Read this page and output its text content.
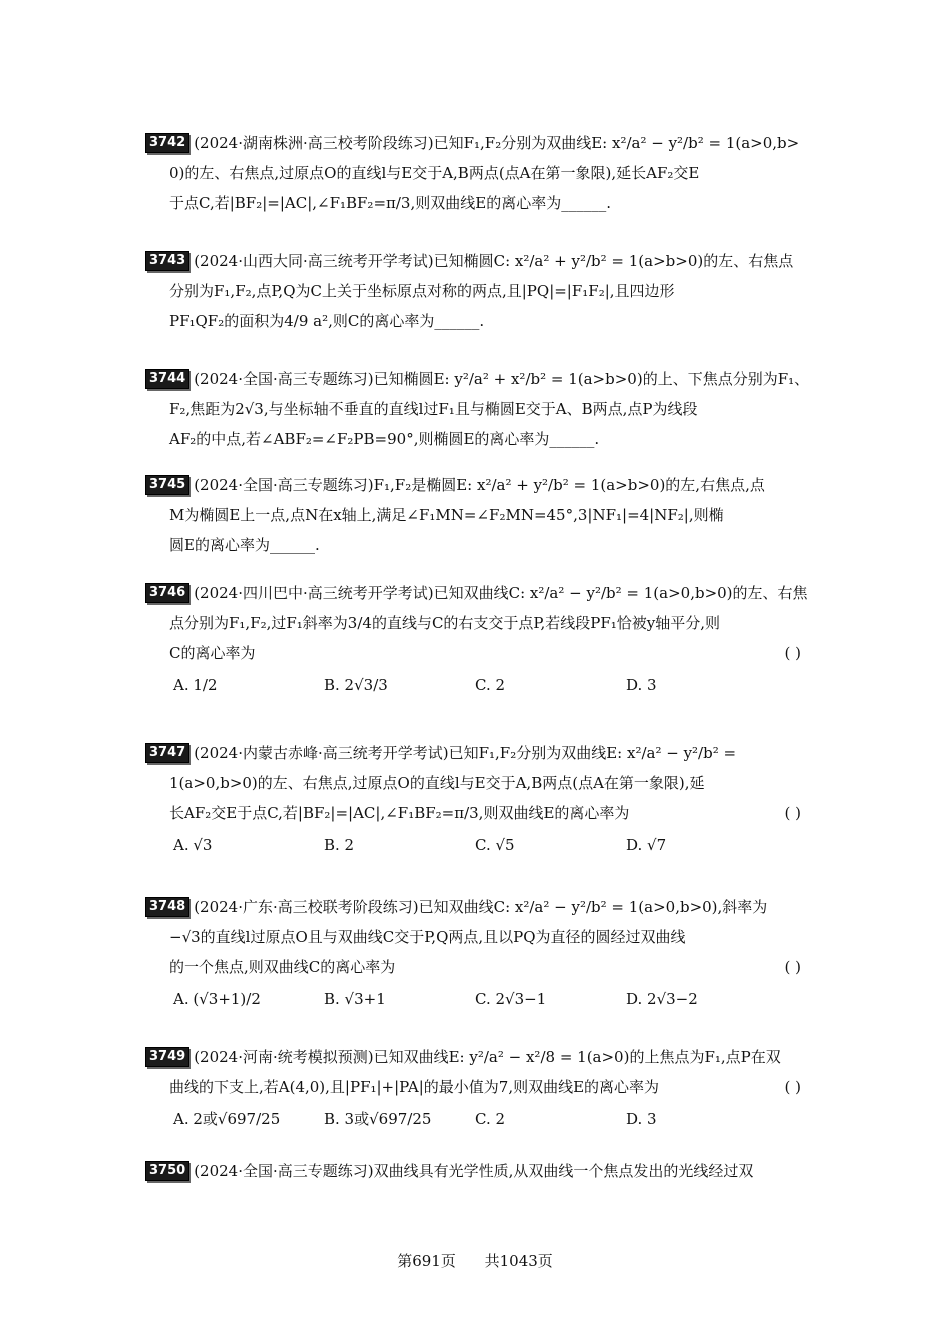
3742 (2024·湖南株洲·高三校考阶段练习)已知F₁,F₂分别为双曲线E: x²/a² − y²/b² = 1(a>0,b>
0)的左、右焦点,过原点O的直线l与E交于A,B两点(点A在第一象限),延长AF₂交E
于点C,若|BF₂|=|AC|,∠F₁BF₂=π/3,则双曲线E的离心率为______.
3743 (2024·山西大同·高三统考开学考试)已知椭圆C: x²/a² + y²/b² = 1(a>b>0)的左、右焦点
分别为F₁,F₂,点P,Q为C上关于坐标原点对称的两点,且|PQ|=|F₁F₂|,且四边形
PF₁QF₂的面积为4/9 a²,则C的离心率为______.
3744 (2024·全国·高三专题练习)已知椭圆E: y²/a² + x²/b² = 1(a>b>0)的上、下焦点分别为F₁、
F₂,焦距为2√3,与坐标轴不垂直的直线l过F₁且与椭圆E交于A、B两点,点P为线段
AF₂的中点,若∠ABF₂=∠F₂PB=90°,则椭圆E的离心率为______.
3745 (2024·全国·高三专题练习)F₁,F₂是椭圆E: x²/a² + y²/b² = 1(a>b>0)的左,右焦点,点
M为椭圆E上一点,点N在x轴上,满足∠F₁MN=∠F₂MN=45°,3|NF₁|=4|NF₂|,则椭
圆E的离心率为______.
3746 (2024·四川巴中·高三统考开学考试)已知双曲线C: x²/a² − y²/b² = 1(a>0,b>0)的左、右焦
点分别为F₁,F₂,过F₁斜率为3/4的直线与C的右支交于点P,若线段PF₁恰被y轴平分,则
C的离心率为	( )
A. 1/2	B. 2√3/3	C. 2	D. 3
3747 (2024·内蒙古赤峰·高三统考开学考试)已知F₁,F₂分别为双曲线E: x²/a² − y²/b² =
1(a>0,b>0)的左、右焦点,过原点O的直线l与E交于A,B两点(点A在第一象限),延
长AF₂交E于点C,若|BF₂|=|AC|,∠F₁BF₂=π/3,则双曲线E的离心率为	( )
A. √3	B. 2	C. √5	D. √7
3748 (2024·广东·高三校联考阶段练习)已知双曲线C: x²/a² − y²/b² = 1(a>0,b>0),斜率为
−√3的直线l过原点O且与双曲线C交于P,Q两点,且以PQ为直径的圆经过双曲线
的一个焦点,则双曲线C的离心率为	( )
A. (√3+1)/2	B. √3+1	C. 2√3−1	D. 2√3−2
3749 (2024·河南·统考模拟预测)已知双曲线E: y²/a² − x²/8 = 1(a>0)的上焦点为F₁,点P在双
曲线的下支上,若A(4,0),且|PF₁|+|PA|的最小值为7,则双曲线E的离心率为	( )
A. 2或√697/25	B. 3或√697/25	C. 2	D. 3
3750 (2024·全国·高三专题练习)双曲线具有光学性质,从双曲线一个焦点发出的光线经过双
第691页 共1043页
